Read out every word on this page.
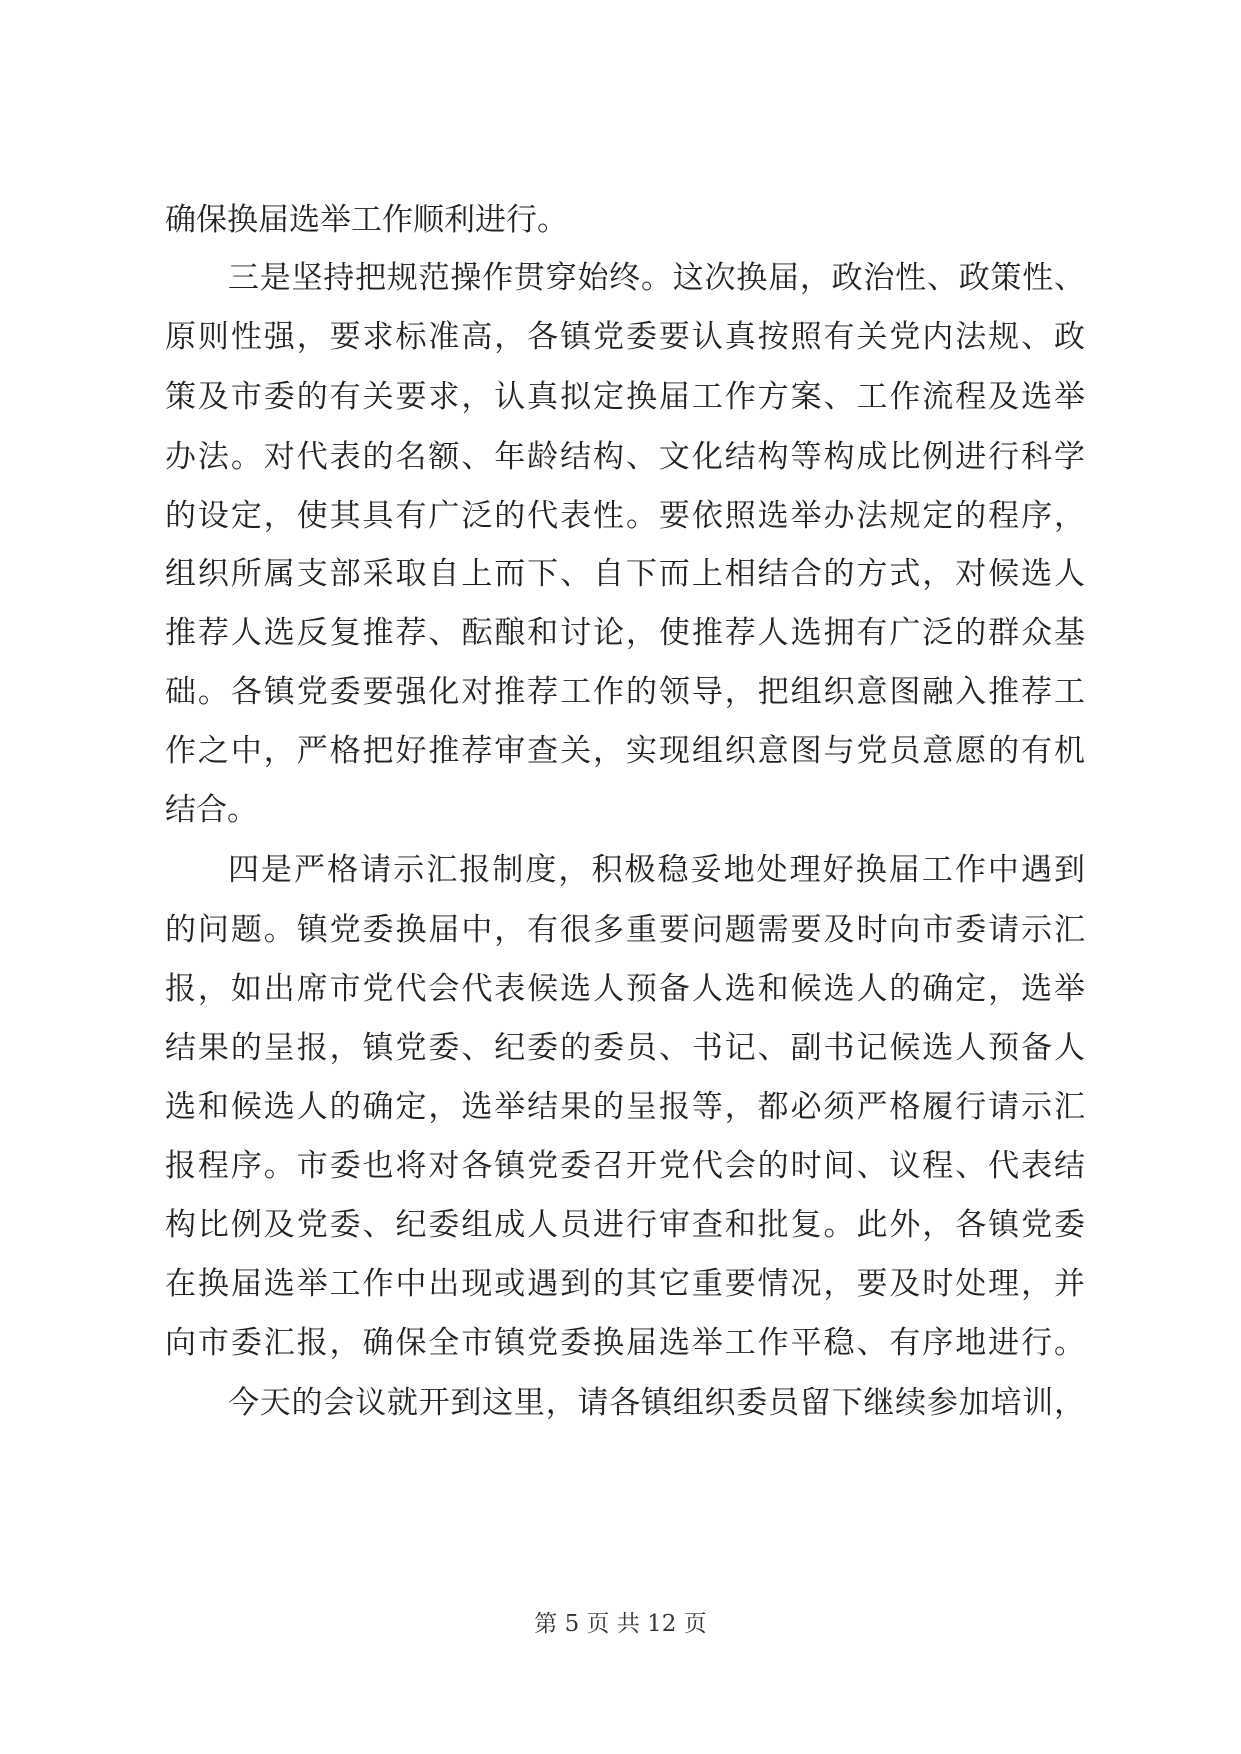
确保换届选举工作顺利进行。
三是坚持把规范操作贯穿始终。这次换届，政治性、政策性、
原则性强，要求标准高，各镇党委要认真按照有关党内法规、政
策及市委的有关要求，认真拟定换届工作方案、工作流程及选举
办法。对代表的名额、年龄结构、文化结构等构成比例进行科学
的设定，使其具有广泛的代表性。要依照选举办法规定的程序，
组织所属支部采取自上而下、自下而上相结合的方式，对候选人
推荐人选反复推荐、酝酿和讨论，使推荐人选拥有广泛的群众基
础。各镇党委要强化对推荐工作的领导，把组织意图融入推荐工
作之中，严格把好推荐审查关，实现组织意图与党员意愿的有机
结合。
四是严格请示汇报制度，积极稳妥地处理好换届工作中遇到
的问题。镇党委换届中，有很多重要问题需要及时向市委请示汇
报，如出席市党代会代表候选人预备人选和候选人的确定，选举
结果的呈报，镇党委、纪委的委员、书记、副书记候选人预备人
选和候选人的确定，选举结果的呈报等，都必须严格履行请示汇
报程序。市委也将对各镇党委召开党代会的时间、议程、代表结
构比例及党委、纪委组成人员进行审查和批复。此外，各镇党委
在换届选举工作中出现或遇到的其它重要情况，要及时处理，并
向市委汇报，确保全市镇党委换届选举工作平稳、有序地进行。
今天的会议就开到这里，请各镇组织委员留下继续参加培训，
第 5 页 共 12 页
